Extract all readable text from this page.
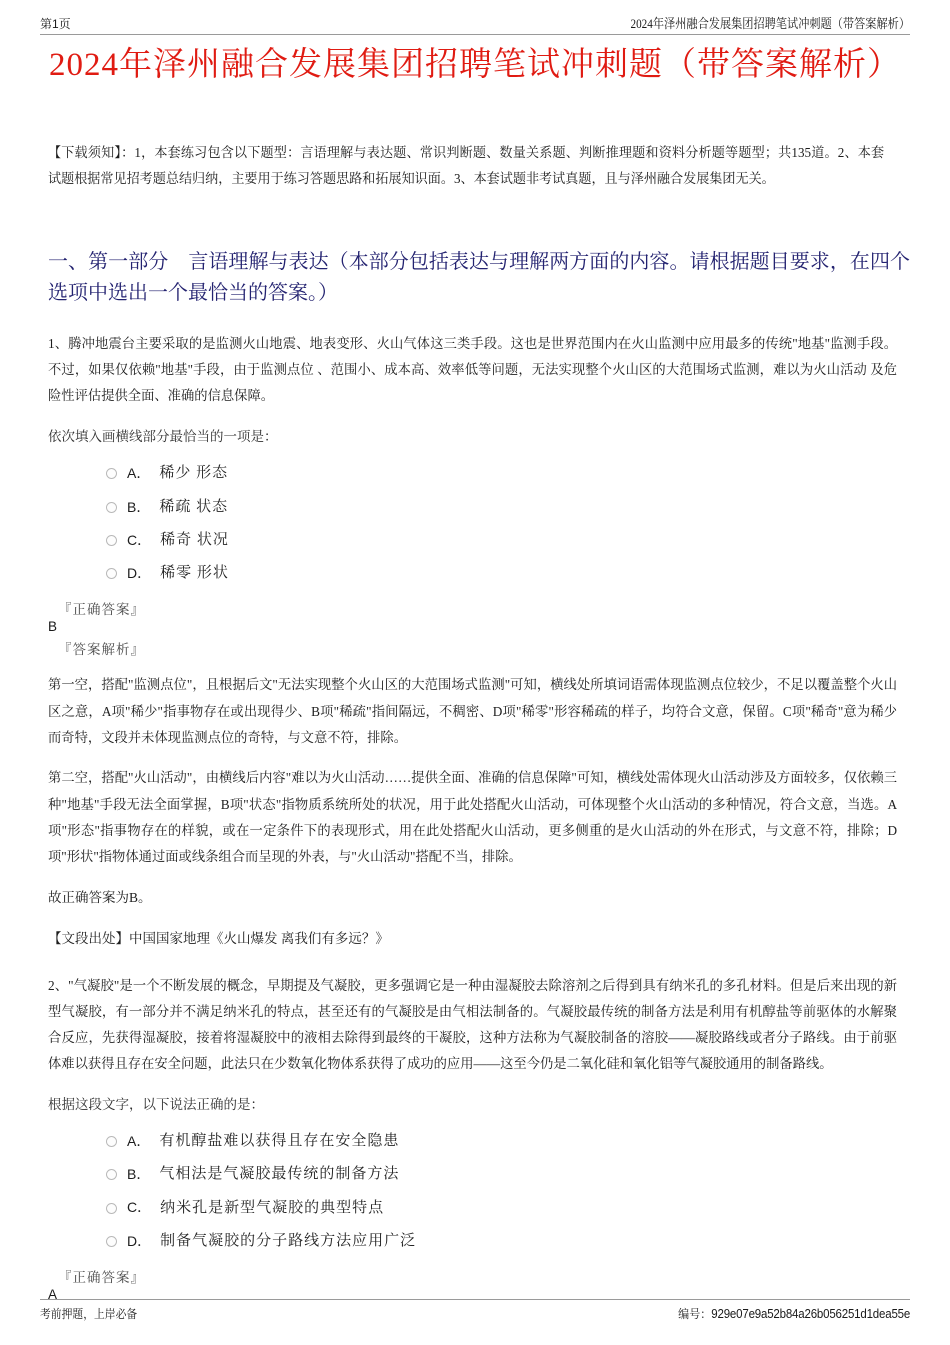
第1页	2024年泽州融合发展集团招聘笔试冲刺题（带答案解析）
2024年泽州融合发展集团招聘笔试冲刺题（带答案解析）
【下载须知】：1，本套练习包含以下题型：言语理解与表达题、常识判断题、数量关系题、判断推理题和资料分析题等题型；共135道。2、本套试题根据常见招考题总结归纳，主要用于练习答题思路和拓展知识面。3、本套试题非考试真题，且与泽州融合发展集团无关。
一、第一部分　言语理解与表达（本部分包括表达与理解两方面的内容。请根据题目要求，在四个选项中选出一个最恰当的答案。）
1、腾冲地震台主要采取的是监测火山地震、地表变形、火山气体这三类手段。这也是世界范围内在火山监测中应用最多的传统"地基"监测手段。不过，如果仅依赖"地基"手段，由于监测点位 、范围小、成本高、效率低等问题，无法实现整个火山区的大范围场式监测，难以为火山活动 及危险性评估提供全面、准确的信息保障。
依次填入画横线部分最恰当的一项是：
A． 稀少 形态
B． 稀疏 状态
C． 稀奇 状况
D． 稀零 形状
『正确答案』
B
『答案解析』
第一空，搭配"监测点位"，且根据后文"无法实现整个火山区的大范围场式监测"可知，横线处所填词语需体现监测点位较少，不足以覆盖整个火山区之意，A项"稀少"指事物存在或出现得少、B项"稀疏"指间隔远，不稠密、D项"稀零"形容稀疏的样子，均符合文意，保留。C项"稀奇"意为稀少而奇特，文段并未体现监测点位的奇特，与文意不符，排除。
第二空，搭配"火山活动"，由横线后内容"难以为火山活动……提供全面、准确的信息保障"可知，横线处需体现火山活动涉及方面较多，仅依赖三种"地基"手段无法全面掌握，B项"状态"指物质系统所处的状况，用于此处搭配火山活动，可体现整个火山活动的多种情况，符合文意，当选。A项"形态"指事物存在的样貌，或在一定条件下的表现形式，用在此处搭配火山活动，更多侧重的是火山活动的外在形式，与文意不符，排除；D项"形状"指物体通过面或线条组合而呈现的外表，与"火山活动"搭配不当，排除。
故正确答案为B。
【文段出处】中国国家地理《火山爆发 离我们有多远？》
2、"气凝胶"是一个不断发展的概念，早期提及气凝胶，更多强调它是一种由湿凝胶去除溶剂之后得到具有纳米孔的多孔材料。但是后来出现的新型气凝胶，有一部分并不满足纳米孔的特点，甚至还有的气凝胶是由气相法制备的。气凝胶最传统的制备方法是利用有机醇盐等前驱体的水解聚合反应，先获得湿凝胶，接着将湿凝胶中的液相去除得到最终的干凝胶，这种方法称为气凝胶制备的溶胶——凝胶路线或者分子路线。由于前驱体难以获得且存在安全问题，此法只在少数氧化物体系获得了成功的应用——这至今仍是二氧化硅和氧化铝等气凝胶通用的制备路线。
根据这段文字，以下说法正确的是：
A． 有机醇盐难以获得且存在安全隐患
B． 气相法是气凝胶最传统的制备方法
C． 纳米孔是新型气凝胶的典型特点
D． 制备气凝胶的分子路线方法应用广泛
『正确答案』
A
考前押题，上岸必备	编号：929e07e9a52b84a26b056251d1dea55e
